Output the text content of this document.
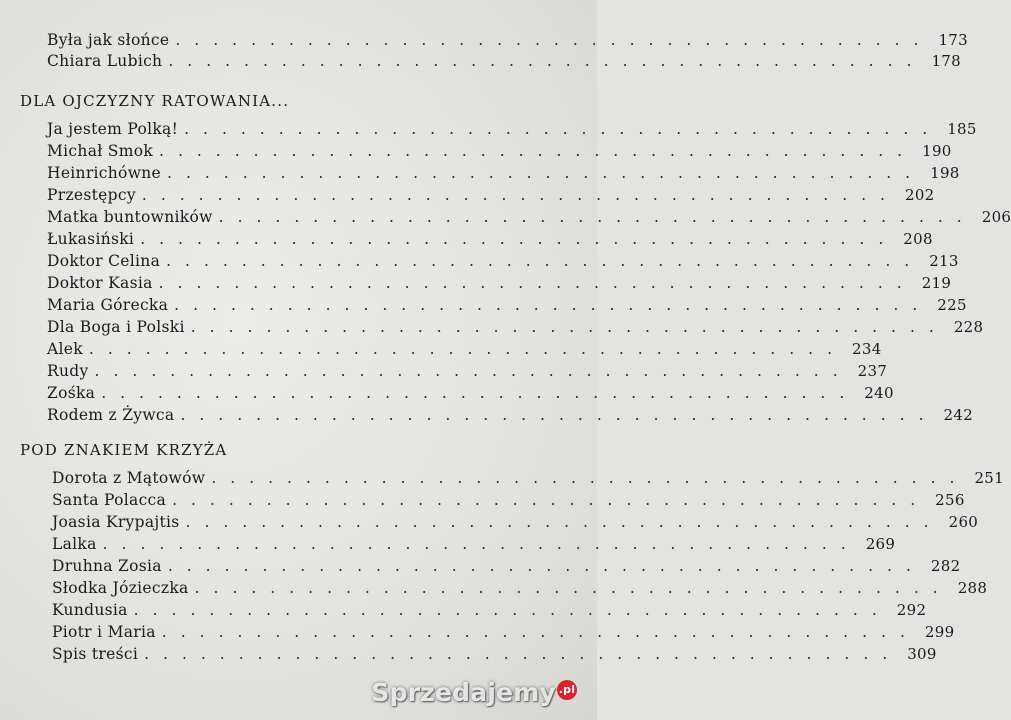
Była jak słońce ........................................ 173
Chiara Lubich ........................................ 178
DLA OJCZYZNY RATOWANIA...
Ja jestem Polką! ........................................ 185
Michał Smok ........................................ 190
Heinrichówne ........................................ 198
Przestępcy ........................................ 202
Matka buntowników ........................................ 206
Łukasiński ........................................ 208
Doktor Celina ........................................ 213
Doktor Kasia ........................................ 219
Maria Górecka ........................................ 225
Dla Boga i Polski ........................................ 228
Alek ........................................ 234
Rudy ........................................ 237
Zośka ........................................ 240
Rodem z Żywca ........................................ 242
POD ZNAKIEM KRZYŻA
Dorota z Mątowów ........................................ 251
Santa Polacca ........................................ 256
Joasia Krypajtis ........................................ 260
Lalka ........................................ 269
Druhna Zosia ........................................ 282
Słodka Józieczka ........................................ 288
Kundusia ........................................ 292
Piotr i Maria ........................................ 299
Spis treści ........................................ 309
Sprzedajemy .pl
